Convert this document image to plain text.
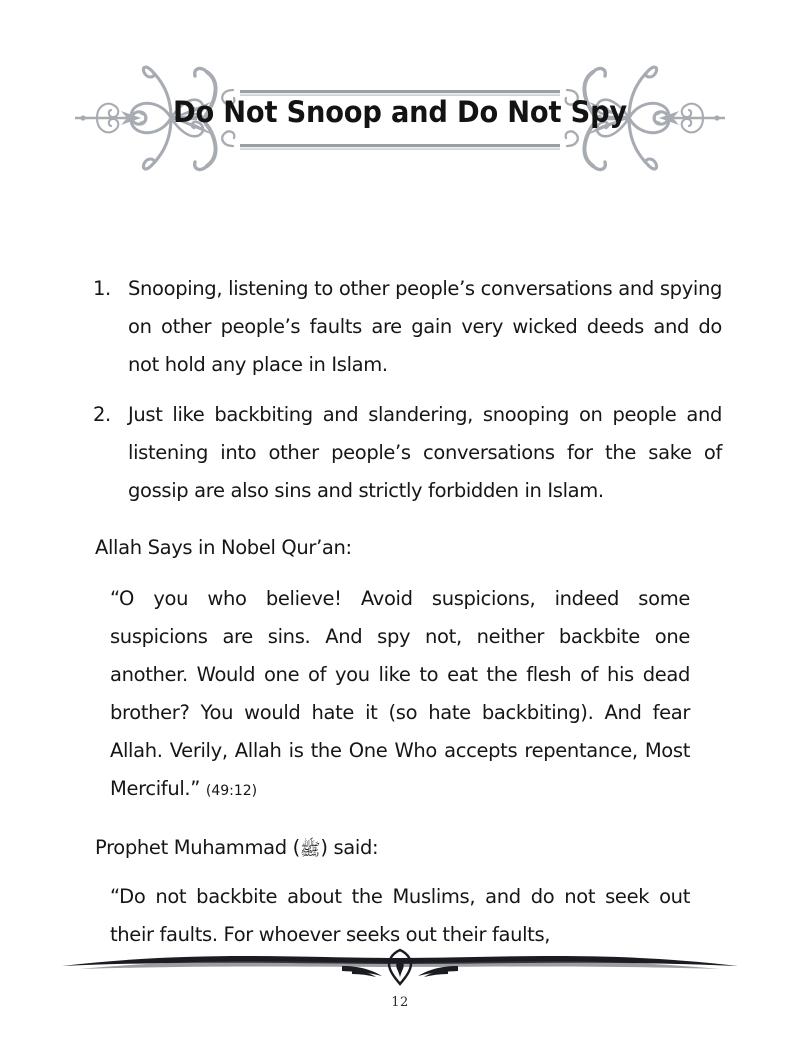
Do Not Snoop and Do Not Spy
1. Snooping, listening to other people’s conversations and spying on other people’s faults are gain very wicked deeds and do not hold any place in Islam.
2. Just like backbiting and slandering, snooping on people and listening into other people’s conversations for the sake of gossip are also sins and strictly forbidden in Islam.
Allah Says in Nobel Qur’an:
“O you who believe! Avoid suspicions, indeed some suspicions are sins. And spy not, neither backbite one another. Would one of you like to eat the flesh of his dead brother? You would hate it (so hate backbiting). And fear Allah. Verily, Allah is the One Who accepts repentance, Most Merciful.” (49:12)
Prophet Muhammad (ﷺ) said:
“Do not backbite about the Muslims, and do not seek out their faults. For whoever seeks out their faults,
12
